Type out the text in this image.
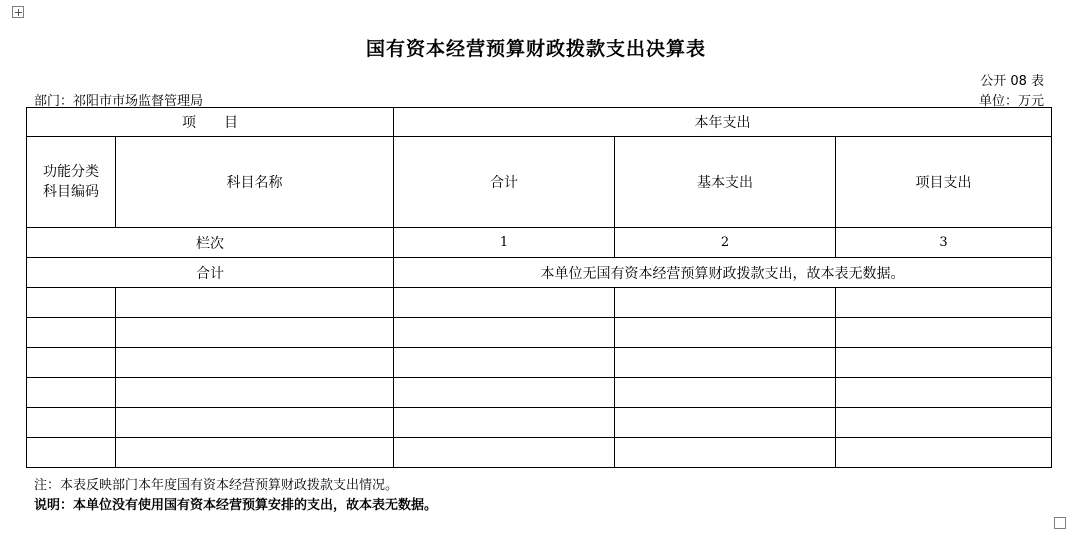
国有资本经营预算财政拨款支出决算表
公开 08 表
部门：祁阳市市场监督管理局	单位：万元
项　　目		本年支出		

功能分类
科目编码	科目名称	合计	基本支出	项目支出
栏次		1	2	3
合计		本单位无国有资本经营预算财政拨款支出，故本表无数据。		

注：本表反映部门本年度国有资本经营预算财政拨款支出情况。
说明：本单位没有使用国有资本经营预算安排的支出，故本表无数据。
